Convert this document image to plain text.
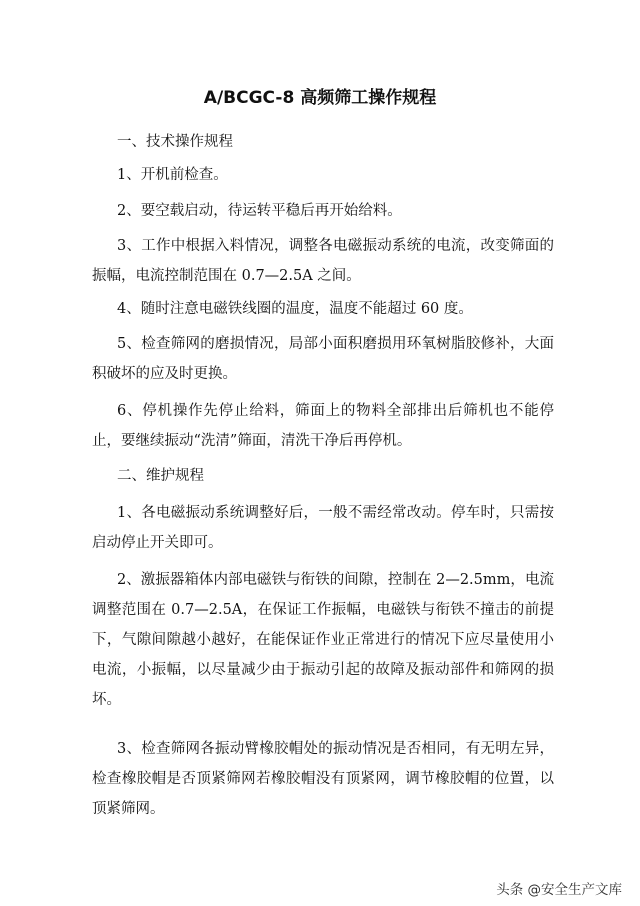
A/BCGC-8 高频筛工操作规程

一、技术操作规程

1、开机前检查。

2、要空载启动，待运转平稳后再开始给料。

3、工作中根据入料情况，调整各电磁振动系统的电流，改变筛面的振幅，电流控制范围在 0.7—2.5A 之间。

4、随时注意电磁铁线圈的温度，温度不能超过 60 度。

5、检查筛网的磨损情况，局部小面积磨损用环氧树脂胶修补，大面积破坏的应及时更换。

6、停机操作先停止给料，筛面上的物料全部排出后筛机也不能停止，要继续振动“洗清”筛面，清洗干净后再停机。

二、维护规程

1、各电磁振动系统调整好后，一般不需经常改动。停车时，只需按启动停止开关即可。

2、激振器箱体内部电磁铁与衔铁的间隙，控制在 2—2.5mm，电流调整范围在 0.7—2.5A，在保证工作振幅，电磁铁与衔铁不撞击的前提下，气隙间隙越小越好，在能保证作业正常进行的情况下应尽量使用小电流，小振幅，以尽量减少由于振动引起的故障及振动部件和筛网的损坏。

3、检查筛网各振动臂橡胶帽处的振动情况是否相同，有无明左异，检查橡胶帽是否顶紧筛网若橡胶帽没有顶紧网，调节橡胶帽的位置，以顶紧筛网。

头条 @安全生产文库
